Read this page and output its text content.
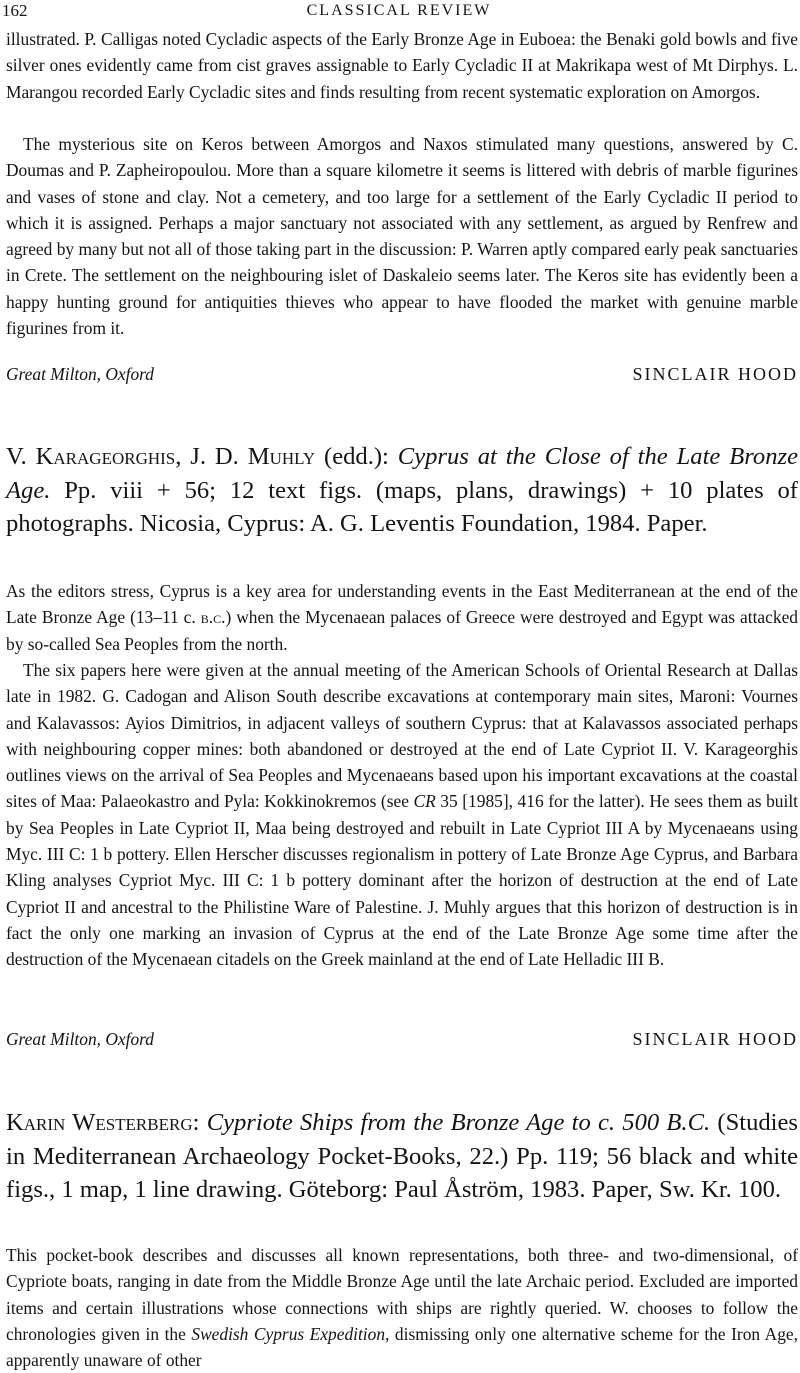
162	CLASSICAL REVIEW

illustrated. P. Calligas noted Cycladic aspects of the Early Bronze Age in Euboea: the Benaki gold bowls and five silver ones evidently came from cist graves assignable to Early Cycladic II at Makrikapa west of Mt Dirphys. L. Marangou recorded Early Cycladic sites and finds resulting from recent systematic exploration on Amorgos.

The mysterious site on Keros between Amorgos and Naxos stimulated many questions, answered by C. Doumas and P. Zapheiropoulou. More than a square kilometre it seems is littered with debris of marble figurines and vases of stone and clay. Not a cemetery, and too large for a settlement of the Early Cycladic II period to which it is assigned. Perhaps a major sanctuary not associated with any settlement, as argued by Renfrew and agreed by many but not all of those taking part in the discussion: P. Warren aptly compared early peak sanctuaries in Crete. The settlement on the neighbouring islet of Daskaleio seems later. The Keros site has evidently been a happy hunting ground for antiquities thieves who appear to have flooded the market with genuine marble figurines from it.

Great Milton, Oxford	SINCLAIR HOOD

V. Karageorghis, J. D. Muhly (edd.): Cyprus at the Close of the Late Bronze Age. Pp. viii + 56; 12 text figs. (maps, plans, drawings) + 10 plates of photographs. Nicosia, Cyprus: A. G. Leventis Foundation, 1984. Paper.

As the editors stress, Cyprus is a key area for understanding events in the East Mediterranean at the end of the Late Bronze Age (13–11 c. b.c.) when the Mycenaean palaces of Greece were destroyed and Egypt was attacked by so-called Sea Peoples from the north.

The six papers here were given at the annual meeting of the American Schools of Oriental Research at Dallas late in 1982. G. Cadogan and Alison South describe excavations at contemporary main sites, Maroni: Vournes and Kalavassos: Ayios Dimitrios, in adjacent valleys of southern Cyprus: that at Kalavassos associated perhaps with neighbouring copper mines: both abandoned or destroyed at the end of Late Cypriot II. V. Karageorghis outlines views on the arrival of Sea Peoples and Mycenaeans based upon his important excavations at the coastal sites of Maa: Palaeokastro and Pyla: Kokkinokremos (see CR 35 [1985], 416 for the latter). He sees them as built by Sea Peoples in Late Cypriot II, Maa being destroyed and rebuilt in Late Cypriot III A by Mycenaeans using Myc. III C: 1 b pottery. Ellen Herscher discusses regionalism in pottery of Late Bronze Age Cyprus, and Barbara Kling analyses Cypriot Myc. III C: 1 b pottery dominant after the horizon of destruction at the end of Late Cypriot II and ancestral to the Philistine Ware of Palestine. J. Muhly argues that this horizon of destruction is in fact the only one marking an invasion of Cyprus at the end of the Late Bronze Age some time after the destruction of the Mycenaean citadels on the Greek mainland at the end of Late Helladic III B.

Great Milton, Oxford	SINCLAIR HOOD

Karin Westerberg: Cypriote Ships from the Bronze Age to c. 500 B.C. (Studies in Mediterranean Archaeology Pocket-Books, 22.) Pp. 119; 56 black and white figs., 1 map, 1 line drawing. Göteborg: Paul Åström, 1983. Paper, Sw. Kr. 100.

This pocket-book describes and discusses all known representations, both three- and two-dimensional, of Cypriote boats, ranging in date from the Middle Bronze Age until the late Archaic period. Excluded are imported items and certain illustrations whose connections with ships are rightly queried. W. chooses to follow the chronologies given in the Swedish Cyprus Expedition, dismissing only one alternative scheme for the Iron Age, apparently unaware of other
